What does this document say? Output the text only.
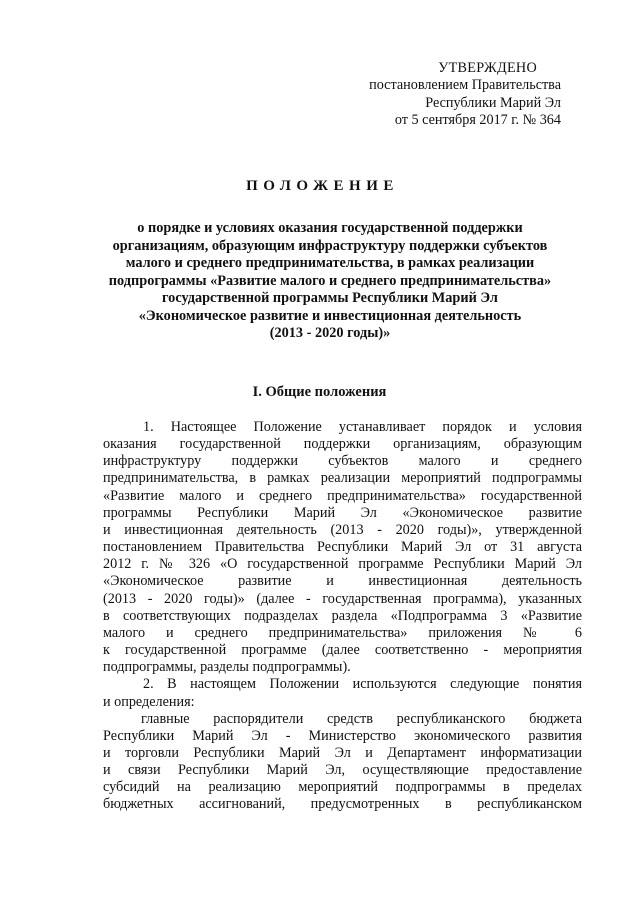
УТВЕРЖДЕНО
постановлением Правительства
Республики Марий Эл
от 5 сентября 2017 г. № 364
ПОЛОЖЕНИЕ
о порядке и условиях оказания государственной поддержки
организациям, образующим инфраструктуру поддержки субъектов
малого и среднего предпринимательства, в рамках реализации
подпрограммы «Развитие малого и среднего предпринимательства»
государственной программы Республики Марий Эл
«Экономическое развитие и инвестиционная деятельность
(2013 - 2020 годы)»
I. Общие положения
1. Настоящее Положение устанавливает порядок и условия
оказания государственной поддержки организациям, образующим
инфраструктуру поддержки субъектов малого и среднего
предпринимательства, в рамках реализации мероприятий подпрограммы
«Развитие малого и среднего предпринимательства» государственной
программы Республики Марий Эл «Экономическое развитие
и инвестиционная деятельность (2013 - 2020 годы)», утвержденной
постановлением Правительства Республики Марий Эл от 31 августа
2012 г. № 326 «О государственной программе Республики Марий Эл
«Экономическое развитие и инвестиционная деятельность
(2013 - 2020 годы)» (далее - государственная программа), указанных
в соответствующих подразделах раздела «Подпрограмма 3 «Развитие
малого и среднего предпринимательства» приложения № 6
к государственной программе (далее соответственно - мероприятия
подпрограммы, разделы подпрограммы).
2. В настоящем Положении используются следующие понятия
и определения:
главные распорядители средств республиканского бюджета
Республики Марий Эл - Министерство экономического развития
и торговли Республики Марий Эл и Департамент информатизации
и связи Республики Марий Эл, осуществляющие предоставление
субсидий на реализацию мероприятий подпрограммы в пределах
бюджетных ассигнований, предусмотренных в республиканском
